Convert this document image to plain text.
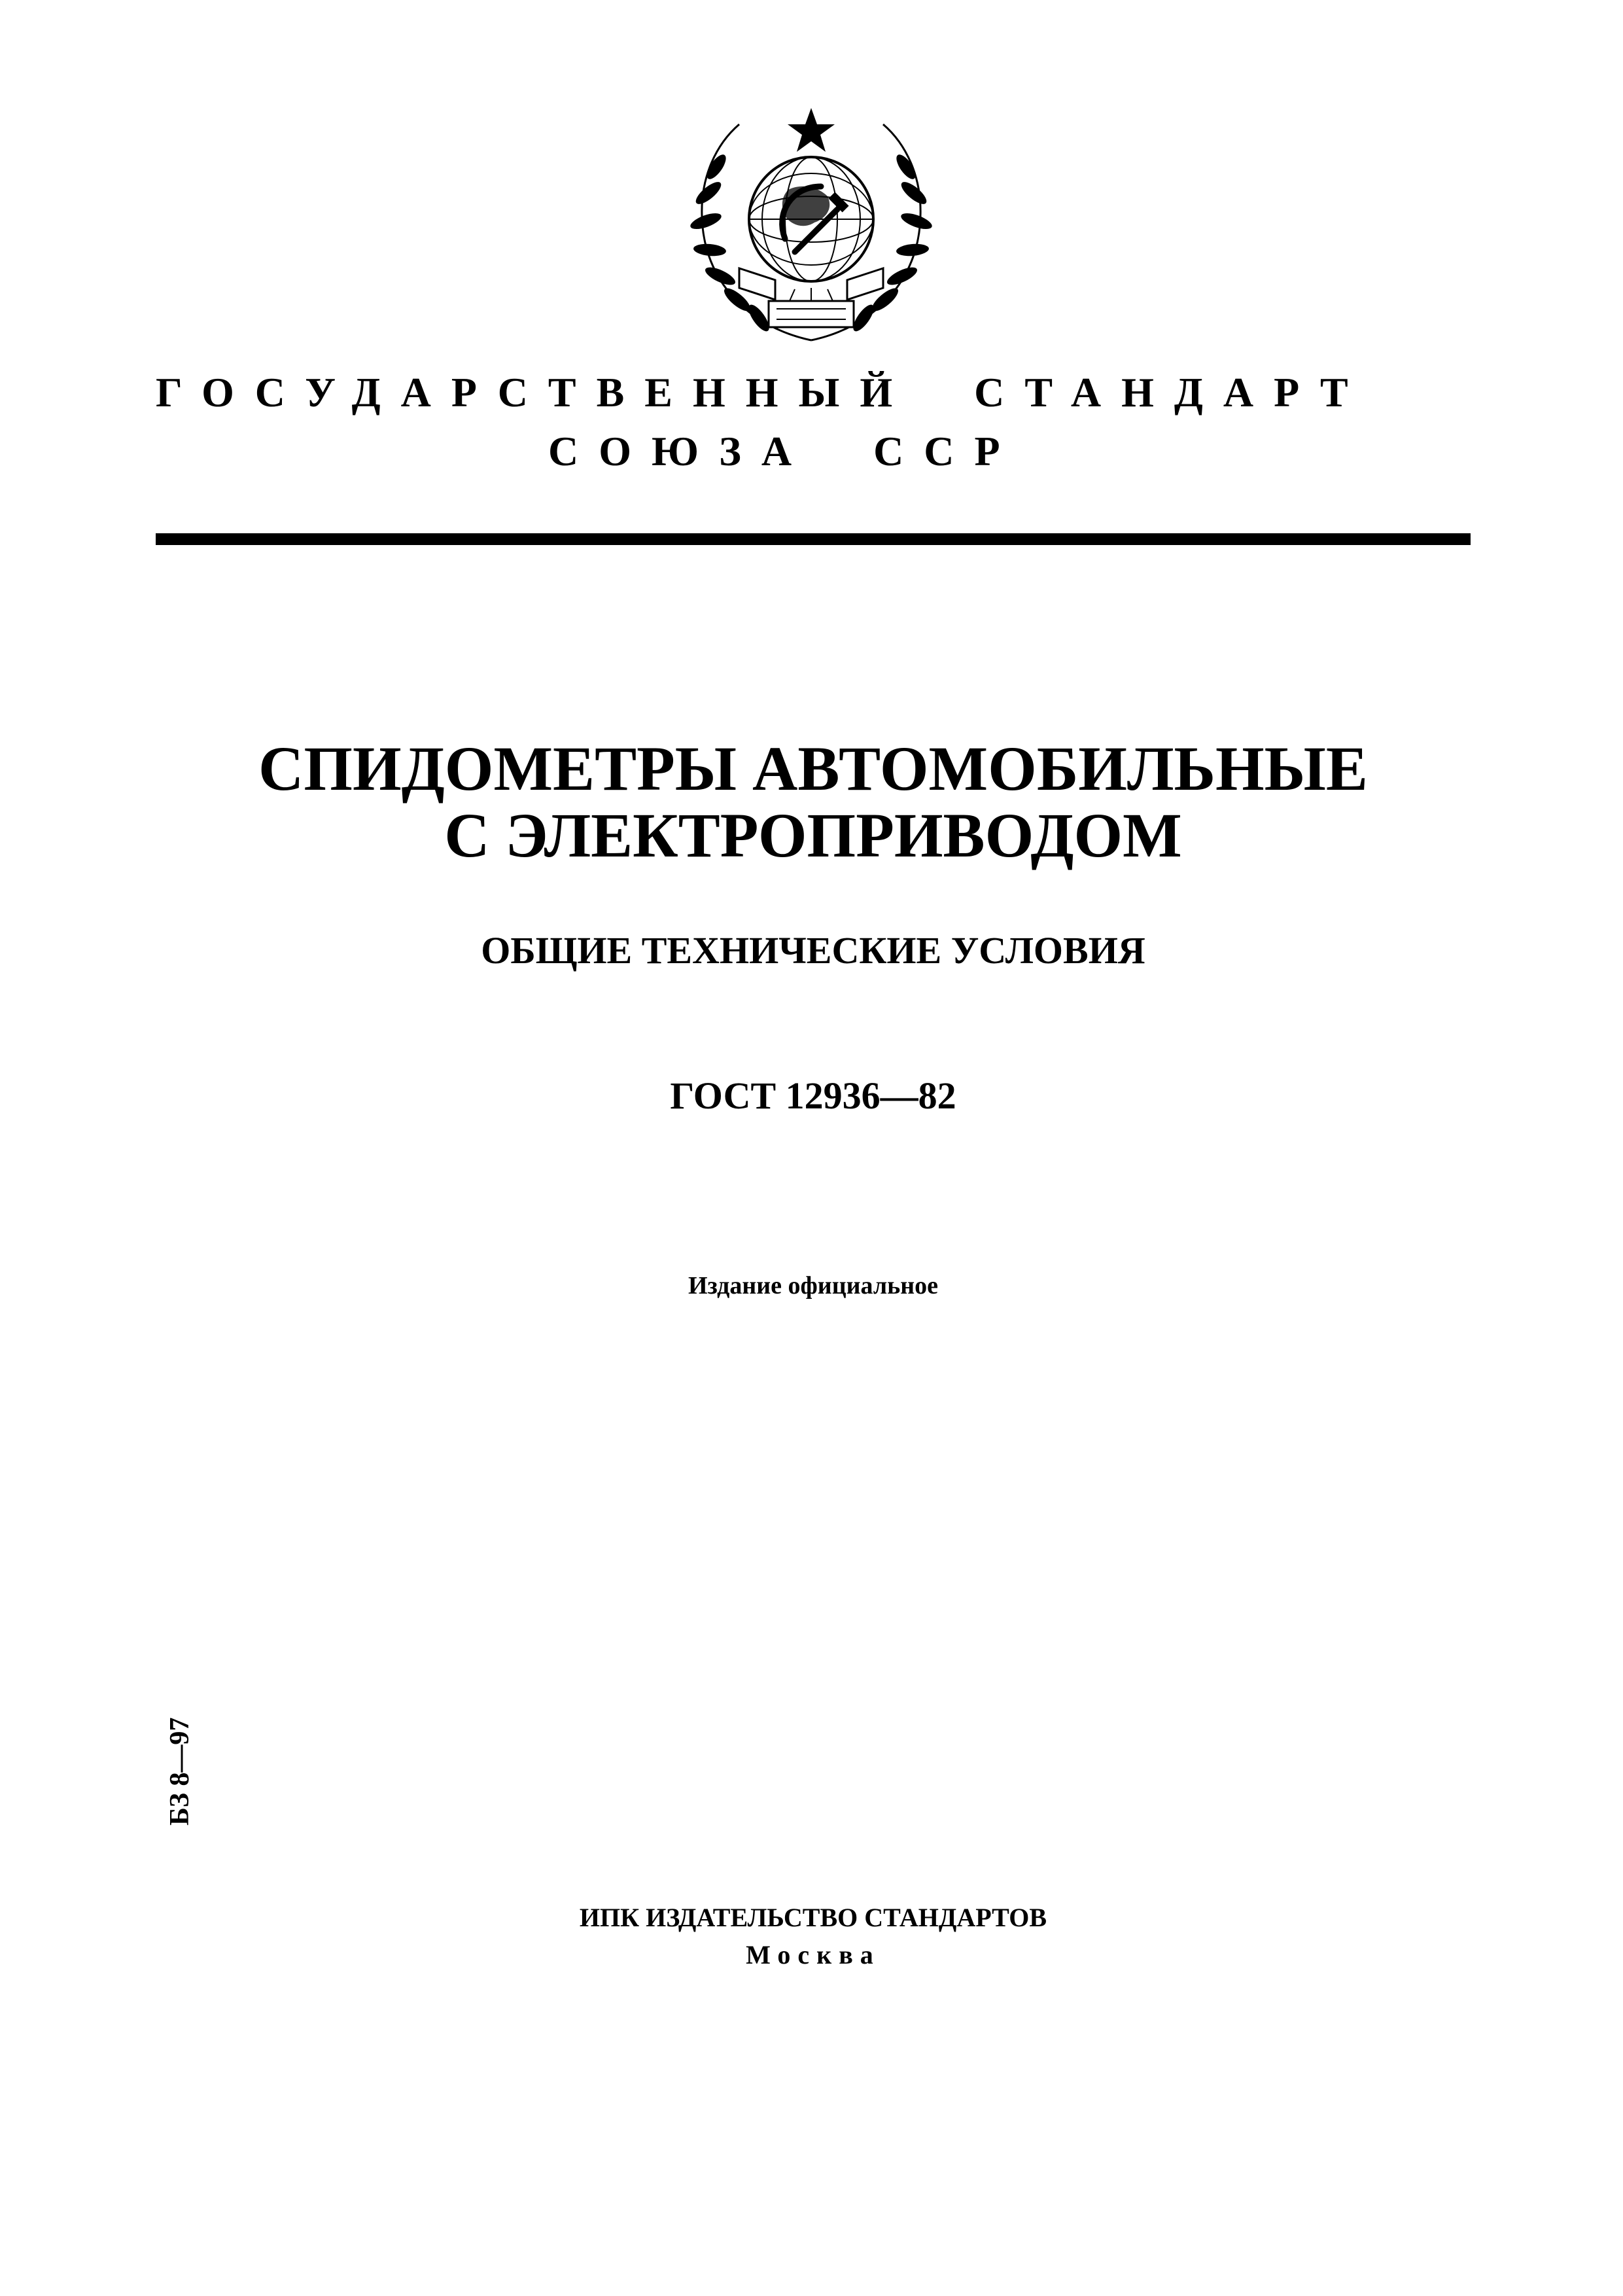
ГОСУДАРСТВЕННЫЙ  СТАНДАРТ
СОЮЗА  ССР
СПИДОМЕТРЫ АВТОМОБИЛЬНЫЕ
С ЭЛЕКТРОПРИВОДОМ
ОБЩИЕ ТЕХНИЧЕСКИЕ УСЛОВИЯ
ГОСТ 12936—82
Издание официальное
БЗ 8—97
ИПК ИЗДАТЕЛЬСТВО СТАНДАРТОВ
Москва
